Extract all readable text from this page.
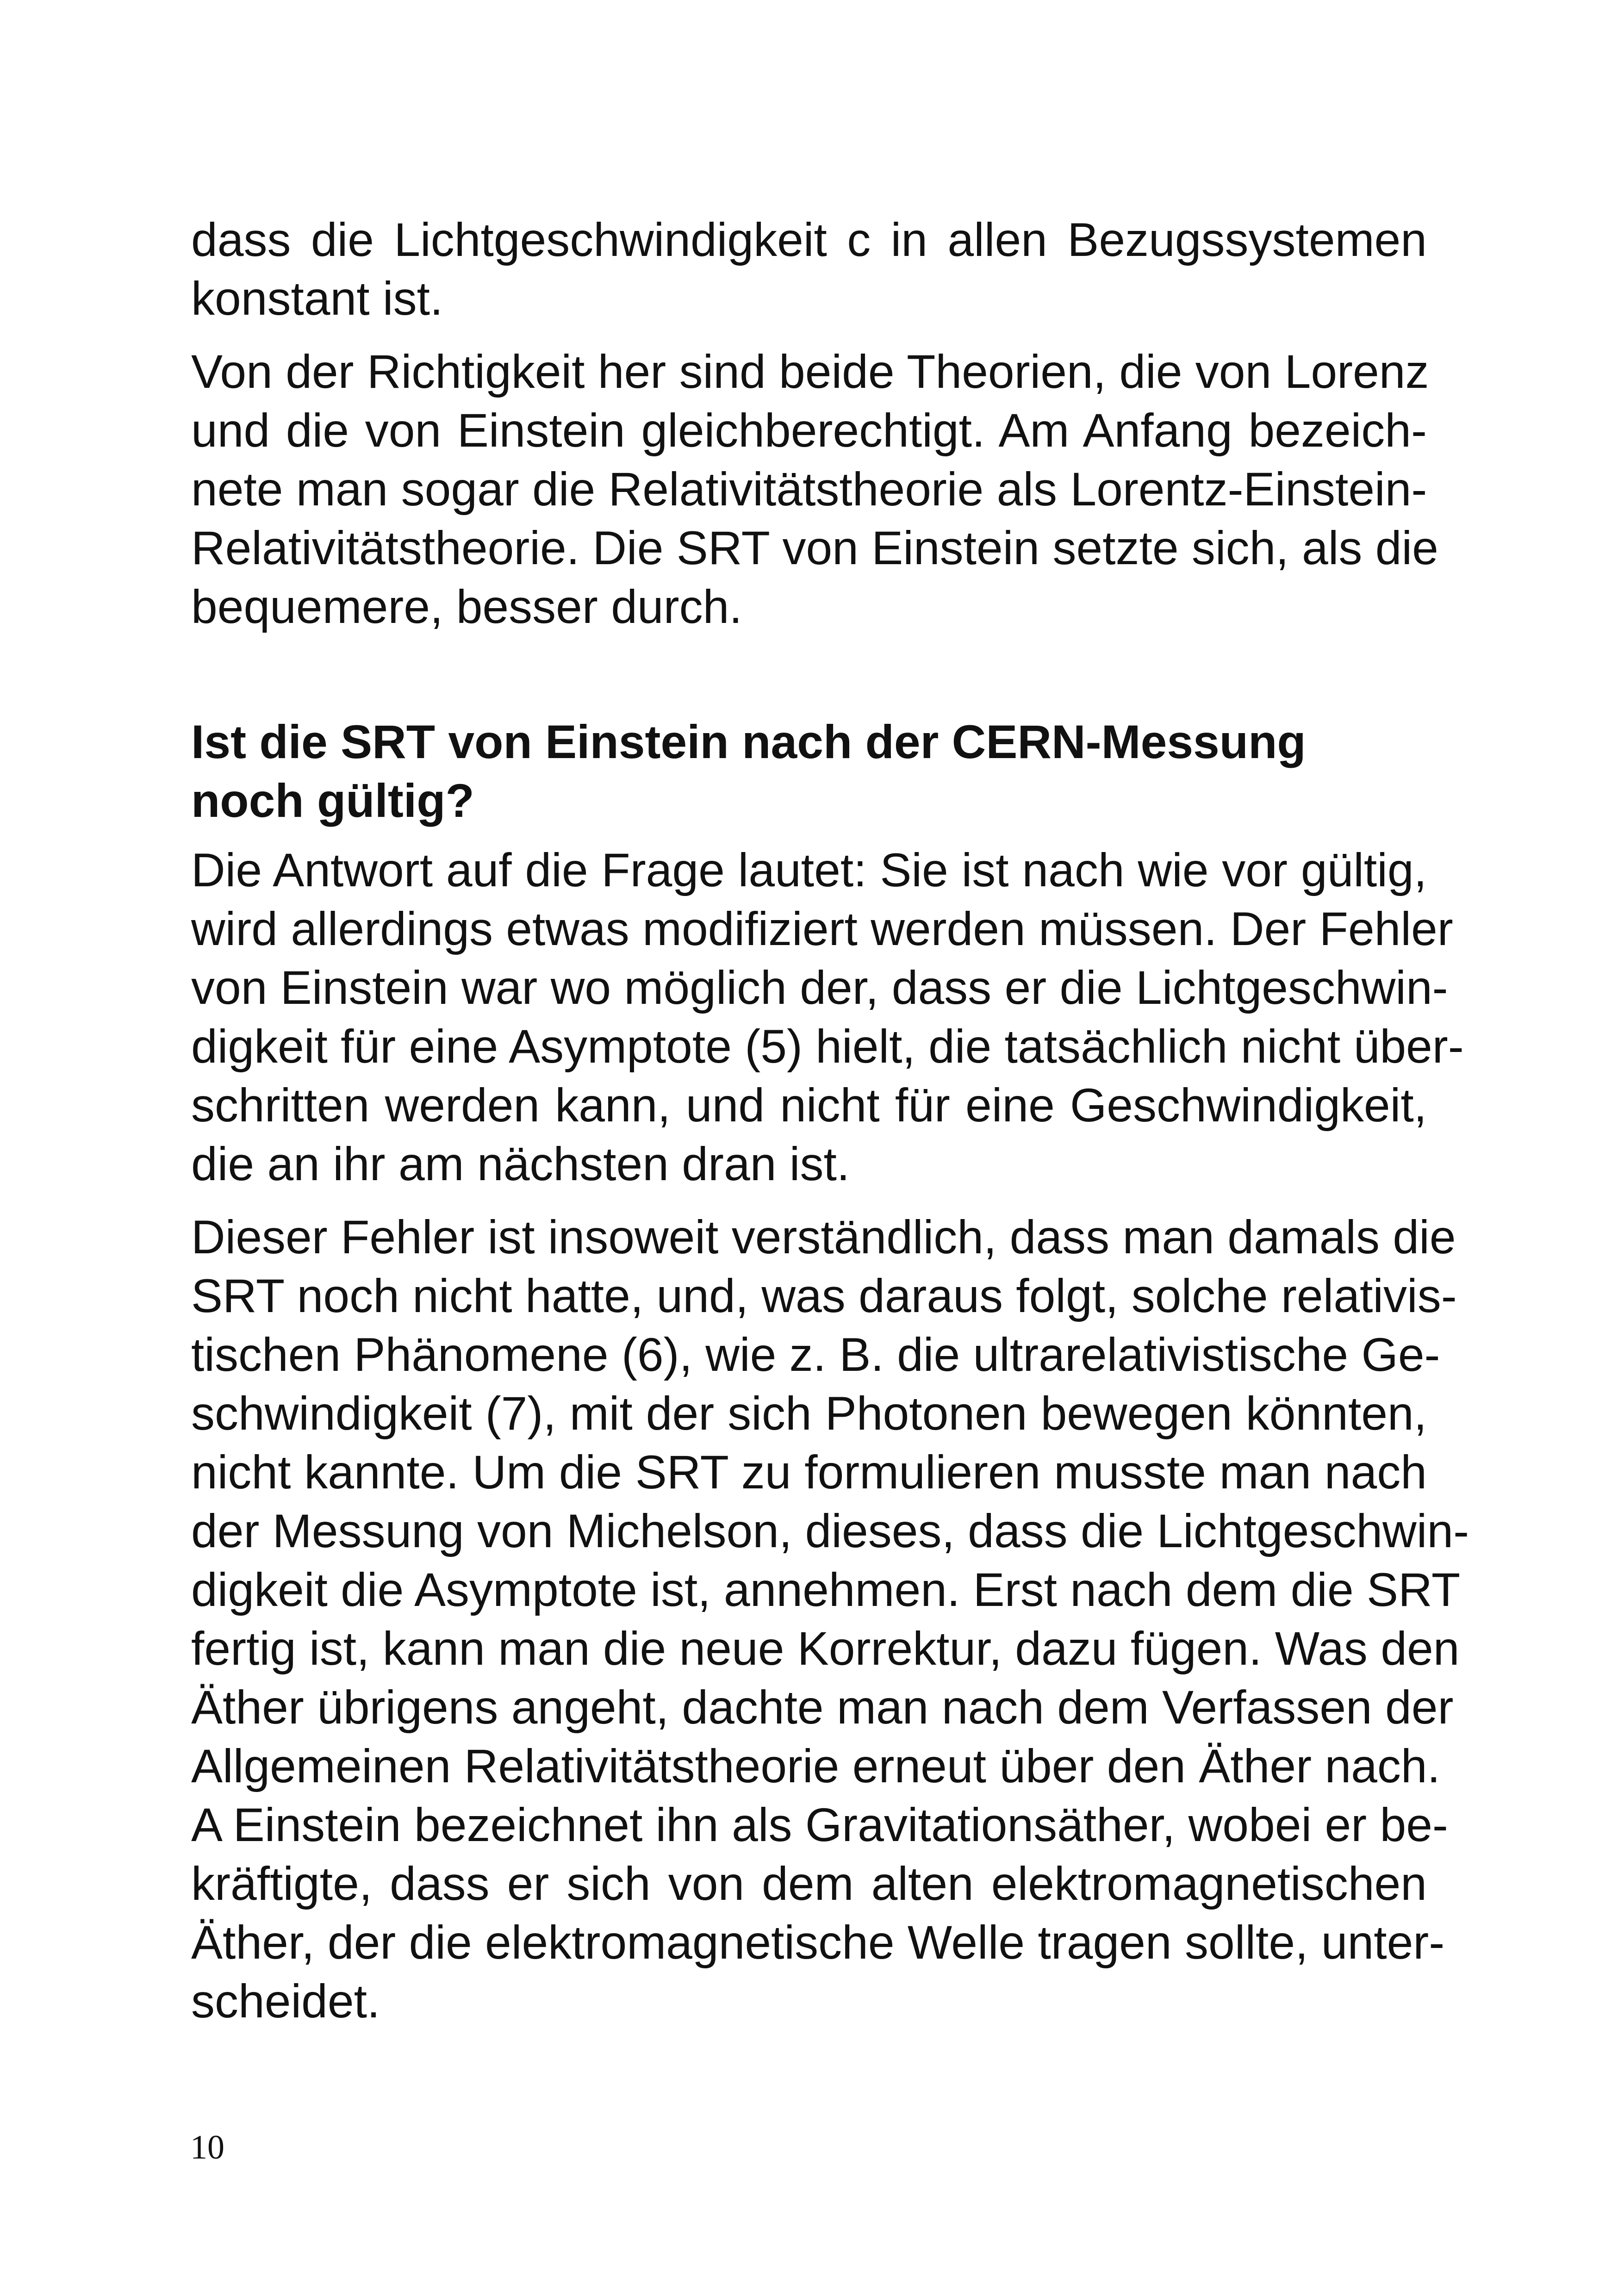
dass die Lichtgeschwindigkeit c in allen Bezugssystemen
konstant ist.
Von der Richtigkeit her sind beide Theorien, die von Lorenz
und die von Einstein gleichberechtigt. Am Anfang bezeich-
nete man sogar die Relativitätstheorie als Lorentz-Einstein-
Relativitätstheorie. Die SRT von Einstein setzte sich, als die
bequemere, besser durch.
Ist die SRT von Einstein nach der CERN-Messung
noch gültig?
Die Antwort auf die Frage lautet: Sie ist nach wie vor gültig,
wird allerdings etwas modifiziert werden müssen. Der Fehler
von Einstein war wo möglich der, dass er die Lichtgeschwin-
digkeit für eine Asymptote (5) hielt, die tatsächlich nicht über-
schritten werden kann, und nicht für eine Geschwindigkeit,
die an ihr am nächsten dran ist.
Dieser Fehler ist insoweit verständlich, dass man damals die
SRT noch nicht hatte, und, was daraus folgt, solche relativis-
tischen Phänomene (6), wie z. B. die ultrarelativistische Ge-
schwindigkeit (7), mit der sich Photonen bewegen könnten,
nicht kannte. Um die SRT zu formulieren musste man nach
der Messung von Michelson, dieses, dass die Lichtgeschwin-
digkeit die Asymptote ist, annehmen. Erst nach dem die SRT
fertig ist, kann man die neue Korrektur, dazu fügen. Was den
Äther übrigens angeht, dachte man nach dem Verfassen der
Allgemeinen Relativitätstheorie erneut über den Äther nach.
A Einstein bezeichnet ihn als Gravitationsäther, wobei er be-
kräftigte, dass er sich von dem alten elektromagnetischen
Äther, der die elektromagnetische Welle tragen sollte, unter-
scheidet.
10
